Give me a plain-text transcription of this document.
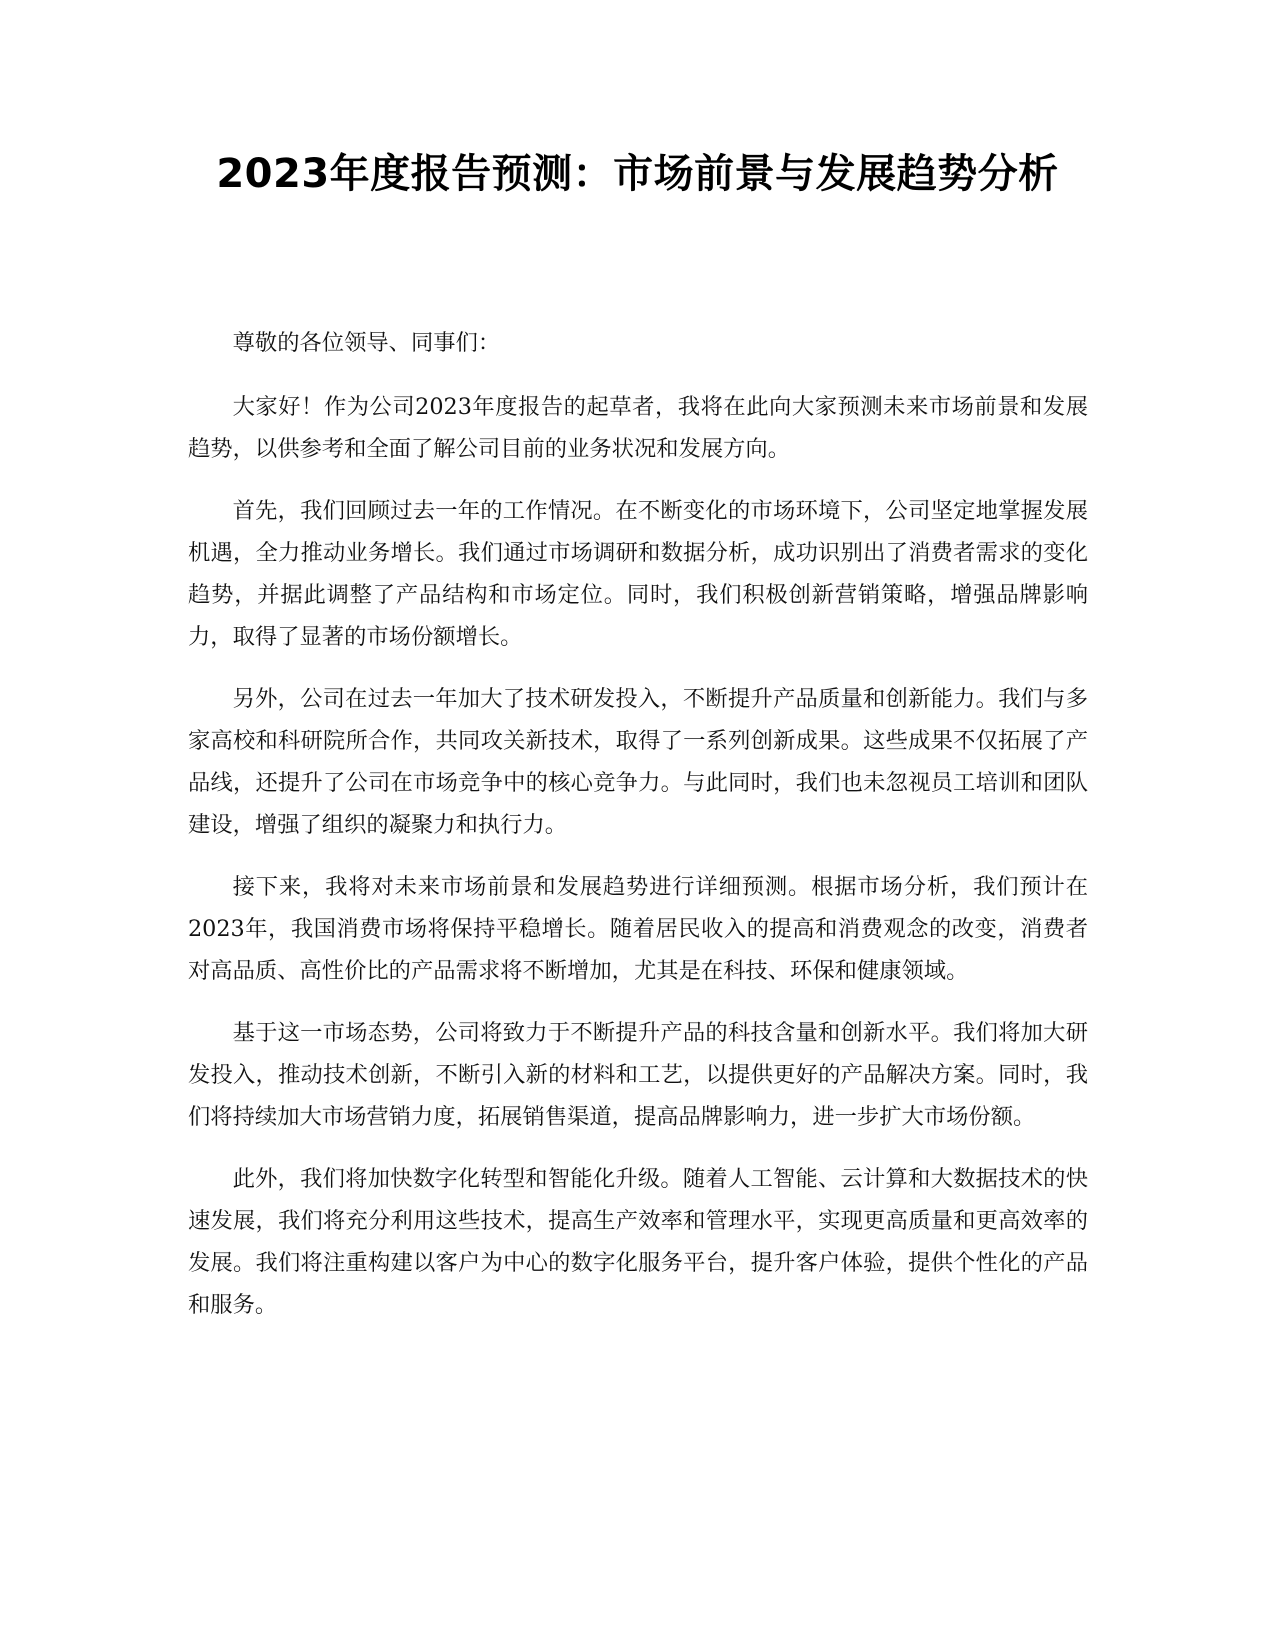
2023年度报告预测：市场前景与发展趋势分析

尊敬的各位领导、同事们：

大家好！作为公司2023年度报告的起草者，我将在此向大家预测未来市场前景和发展趋势，以供参考和全面了解公司目前的业务状况和发展方向。

首先，我们回顾过去一年的工作情况。在不断变化的市场环境下，公司坚定地掌握发展机遇，全力推动业务增长。我们通过市场调研和数据分析，成功识别出了消费者需求的变化趋势，并据此调整了产品结构和市场定位。同时，我们积极创新营销策略，增强品牌影响力，取得了显著的市场份额增长。

另外，公司在过去一年加大了技术研发投入，不断提升产品质量和创新能力。我们与多家高校和科研院所合作，共同攻关新技术，取得了一系列创新成果。这些成果不仅拓展了产品线，还提升了公司在市场竞争中的核心竞争力。与此同时，我们也未忽视员工培训和团队建设，增强了组织的凝聚力和执行力。

接下来，我将对未来市场前景和发展趋势进行详细预测。根据市场分析，我们预计在2023年，我国消费市场将保持平稳增长。随着居民收入的提高和消费观念的改变，消费者对高品质、高性价比的产品需求将不断增加，尤其是在科技、环保和健康领域。

基于这一市场态势，公司将致力于不断提升产品的科技含量和创新水平。我们将加大研发投入，推动技术创新，不断引入新的材料和工艺，以提供更好的产品解决方案。同时，我们将持续加大市场营销力度，拓展销售渠道，提高品牌影响力，进一步扩大市场份额。

此外，我们将加快数字化转型和智能化升级。随着人工智能、云计算和大数据技术的快速发展，我们将充分利用这些技术，提高生产效率和管理水平，实现更高质量和更高效率的发展。我们将注重构建以客户为中心的数字化服务平台，提升客户体验，提供个性化的产品和服务。
